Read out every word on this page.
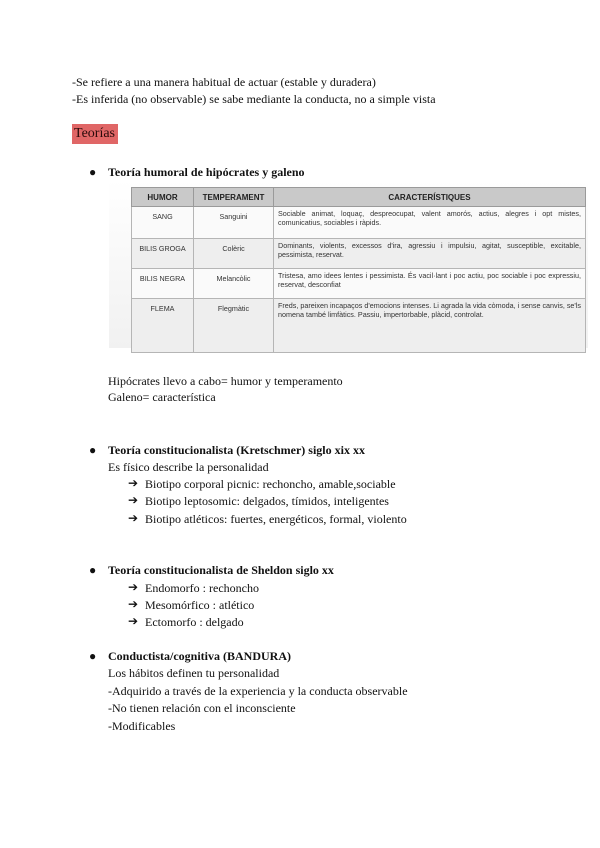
-Se refiere a una manera habitual de actuar (estable y duradera)
-Es inferida (no observable) se sabe mediante la conducta, no a simple vista
Teorías
● Teoría humoral de hipócrates y galeno
HUMOR	TEMPERAMENT	CARACTERÍSTIQUES
SANG	Sanguini	Sociable animat, loquaç, despreocupat, valent amorós, actius, alegres i opt mistes, comunicatius, sociables i ràpids.
BILIS GROGA	Colèric	Dominants, violents, excessos d'ira, agressiu i impulsiu, agitat, susceptible, excitable, pessimista, reservat.
BILIS NEGRA	Melancòlic	Tristesa, amo idees lentes i pessimista. És vacil·lant i poc actiu, poc sociable i poc expressiu, reservat, desconfiat
FLEMA	Flegmàtic	Freds, pareixen incapaços d'emocions intenses. Li agrada la vida còmoda, i sense canvis, se'ls nomena també limfàtics. Passiu, impertorbable, plàcid, controlat.
Hipócrates llevo a cabo= humor y temperamento
Galeno= característica
● Teoría constitucionalista (Kretschmer) siglo xix xx
Es físico describe la personalidad
➔ Biotipo corporal picnic: rechoncho, amable,sociable
➔ Biotipo leptosomic: delgados, tímidos, inteligentes
➔ Biotipo atléticos: fuertes, energéticos, formal, violento
● Teoría constitucionalista de Sheldon siglo xx
➔ Endomorfo : rechoncho
➔ Mesomórfico : atlético
➔ Ectomorfo : delgado
● Conductista/cognitiva (BANDURA)
Los hábitos definen tu personalidad
-Adquirido a través de la experiencia y la conducta observable
-No tienen relación con el inconsciente
-Modificables
